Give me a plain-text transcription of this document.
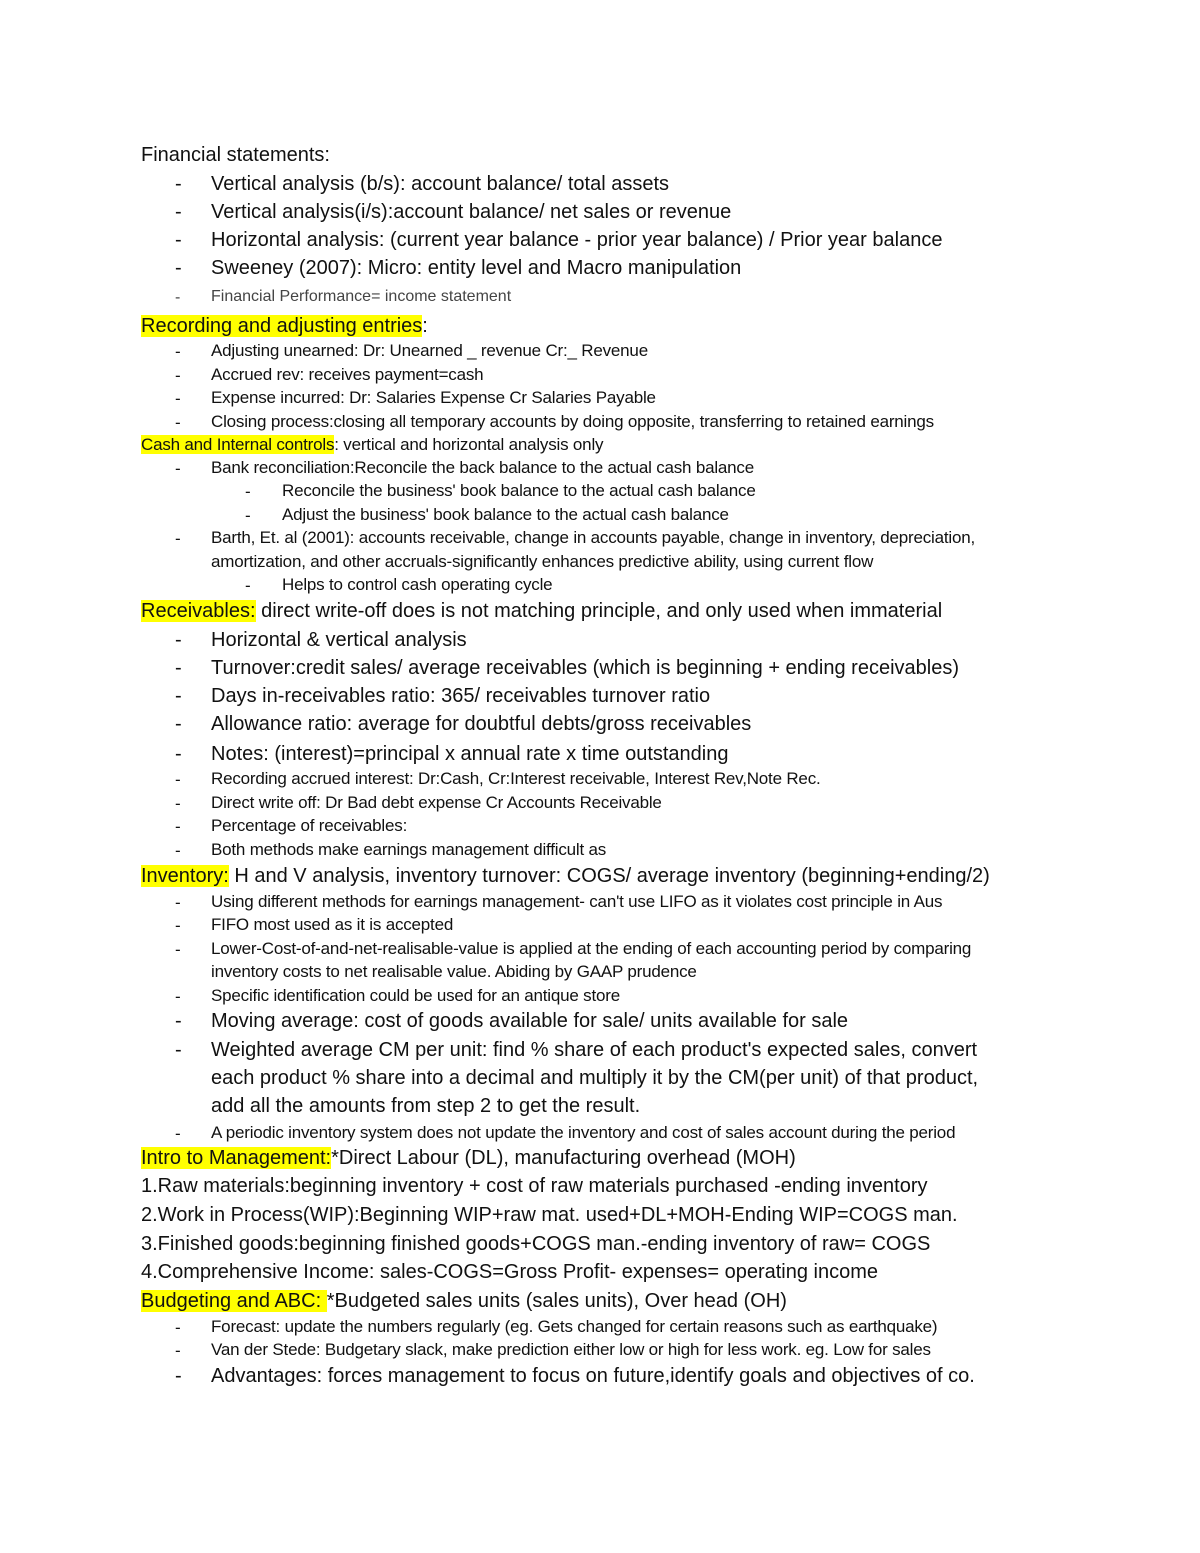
Financial statements:
- Vertical analysis (b/s): account balance/ total assets
- Vertical analysis(i/s):account balance/ net sales or revenue
- Horizontal analysis: (current year balance - prior year balance) / Prior year balance
- Sweeney (2007): Micro: entity level and Macro manipulation
- Financial Performance= income statement
Recording and adjusting entries:
- Adjusting unearned: Dr: Unearned _ revenue Cr:_ Revenue
- Accrued rev: receives payment=cash
- Expense incurred: Dr: Salaries Expense Cr Salaries Payable
- Closing process:closing all temporary accounts by doing opposite, transferring to retained earnings
Cash and Internal controls: vertical and horizontal analysis only
- Bank reconciliation:Reconcile the back balance to the actual cash balance
- Reconcile the business' book balance to the actual cash balance
- Adjust the business' book balance to the actual cash balance
- Barth, Et. al (2001): accounts receivable, change in accounts payable, change in inventory, depreciation,
amortization, and other accruals-significantly enhances predictive ability, using current flow
- Helps to control cash operating cycle
Receivables: direct write-off does is not matching principle, and only used when immaterial
- Horizontal & vertical analysis
- Turnover:credit sales/ average receivables (which is beginning + ending receivables)
- Days in-receivables ratio: 365/ receivables turnover ratio
- Allowance ratio: average for doubtful debts/gross receivables
- Notes: (interest)=principal x annual rate x time outstanding
- Recording accrued interest: Dr:Cash, Cr:Interest receivable, Interest Rev,Note Rec.
- Direct write off: Dr Bad debt expense Cr Accounts Receivable
- Percentage of receivables:
- Both methods make earnings management difficult as
Inventory: H and V analysis, inventory turnover: COGS/ average inventory (beginning+ending/2)
- Using different methods for earnings management- can't use LIFO as it violates cost principle in Aus
- FIFO most used as it is accepted
- Lower-Cost-of-and-net-realisable-value is applied at the ending of each accounting period by comparing
inventory costs to net realisable value. Abiding by GAAP prudence
- Specific identification could be used for an antique store
- Moving average: cost of goods available for sale/ units available for sale
- Weighted average CM per unit: find % share of each product's expected sales, convert
each product % share into a decimal and multiply it by the CM(per unit) of that product,
add all the amounts from step 2 to get the result.
- A periodic inventory system does not update the inventory and cost of sales account during the period
Intro to Management:*Direct Labour (DL), manufacturing overhead (MOH)
1.Raw materials:beginning inventory + cost of raw materials purchased -ending inventory
2.Work in Process(WIP):Beginning WIP+raw mat. used+DL+MOH-Ending WIP=COGS man.
3.Finished goods:beginning finished goods+COGS man.-ending inventory of raw= COGS
4.Comprehensive Income: sales-COGS=Gross Profit- expenses= operating income
Budgeting and ABC: *Budgeted sales units (sales units), Over head (OH)
- Forecast: update the numbers regularly (eg. Gets changed for certain reasons such as earthquake)
- Van der Stede: Budgetary slack, make prediction either low or high for less work. eg. Low for sales
- Advantages: forces management to focus on future,identify goals and objectives of co.
